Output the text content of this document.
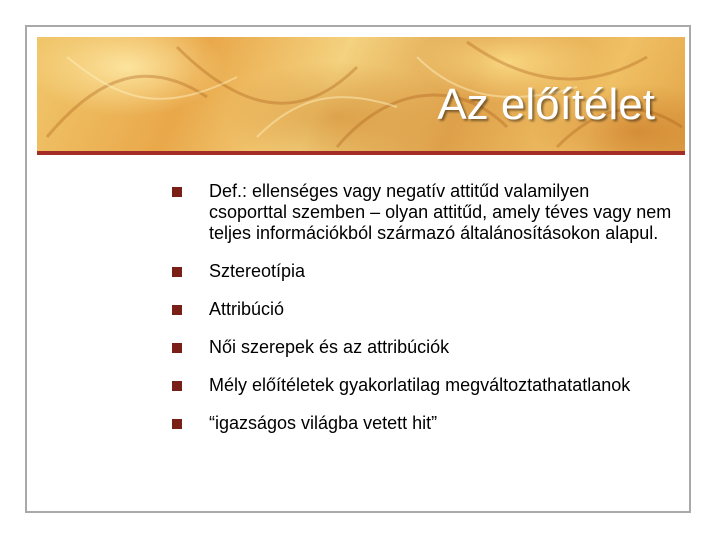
Az előítélet
Def.: ellenséges vagy negatív attitűd valamilyen csoporttal szemben – olyan attitűd, amely téves vagy nem teljes információkból származó általánosításokon alapul.
Sztereotípia
Attribúció
Női szerepek és az attribúciók
Mély előítéletek gyakorlatilag megváltoztathatatlanok
“igazságos világba vetett hit”
